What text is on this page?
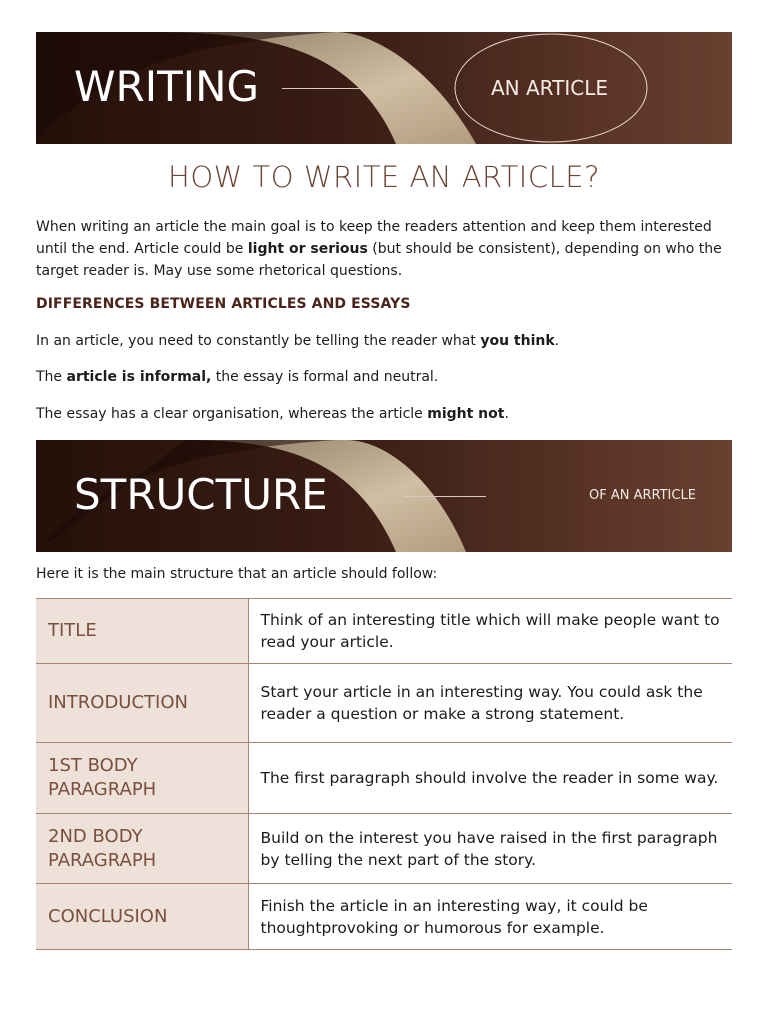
WRITING	AN ARTICLE
HOW TO WRITE AN ARTICLE?
When writing an article the main goal is to keep the readers attention and keep them interested until the end. Article could be light or serious (but should be consistent), depending on who the target reader is. May use some rhetorical questions.
DIFFERENCES BETWEEN ARTICLES AND ESSAYS
In an article, you need to constantly be telling the reader what you think.
The article is informal, the essay is formal and neutral.
The essay has a clear organisation, whereas the article might not.
STRUCTURE	OF AN ARRTICLE
Here it is the main structure that an article should follow:
TITLE	Think of an interesting title which will make people want to read your article.
INTRODUCTION	Start your article in an interesting way. You could ask the reader a question or make a strong statement.
1ST BODY PARAGRAPH	The first paragraph should involve the reader in some way.
2ND BODY PARAGRAPH	Build on the interest you have raised in the first paragraph by telling the next part of the story.
CONCLUSION	Finish the article in an interesting way, it could be thoughtprovoking or humorous for example.
